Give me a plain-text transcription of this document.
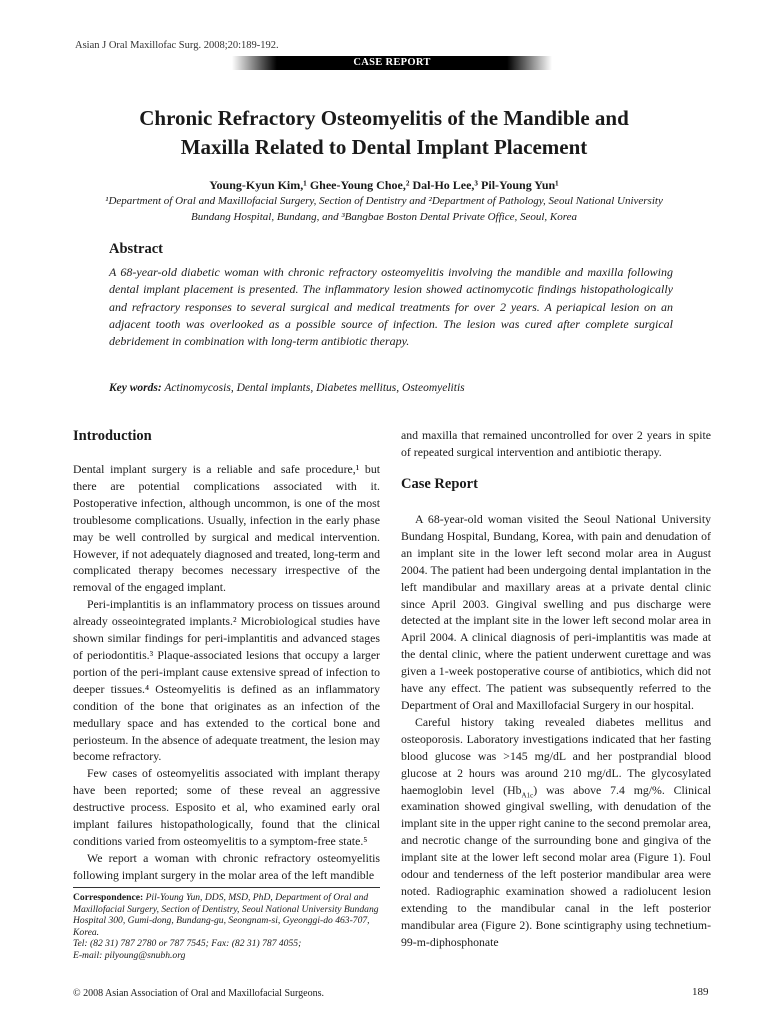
Asian J Oral Maxillofac Surg. 2008;20:189-192.
CASE REPORT
Chronic Refractory Osteomyelitis of the Mandible and
Maxilla Related to Dental Implant Placement
Young-Kyun Kim,¹ Ghee-Young Choe,² Dal-Ho Lee,³ Pil-Young Yun¹
¹Department of Oral and Maxillofacial Surgery, Section of Dentistry and ²Department of Pathology, Seoul National University
Bundang Hospital, Bundang, and ³Bangbae Boston Dental Private Office, Seoul, Korea
Abstract

A 68-year-old diabetic woman with chronic refractory osteomyelitis involving the mandible and maxilla following dental implant placement is presented. The inflammatory lesion showed actinomycotic findings histopathologically and refractory responses to several surgical and medical treatments for over 2 years. A periapical lesion on an adjacent tooth was overlooked as a possible source of infection. The lesion was cured after complete surgical debridement in combination with long-term antibiotic therapy.

Key words: Actinomycosis, Dental implants, Diabetes mellitus, Osteomyelitis

Introduction

Dental implant surgery is a reliable and safe procedure,¹ but there are potential complications associated with it. Postoperative infection, although uncommon, is one of the most troublesome complications. Usually, infection in the early phase may be well controlled by surgical and medical intervention. However, if not adequately diagnosed and treated, long-term and complicated therapy becomes necessary irrespective of the removal of the engaged implant.

Peri-implantitis is an inflammatory process on tissues around already osseointegrated implants.² Microbiological studies have shown similar findings for peri-implantitis and advanced stages of periodontitis.³ Plaque-associated lesions that occupy a larger portion of the peri-implant cause extensive spread of infection to deeper tissues.⁴ Osteomyelitis is defined as an inflammatory condition of the bone that originates as an infection of the medullary space and has extended to the cortical bone and periosteum. In the absence of adequate treatment, the lesion may become refractory.

Few cases of osteomyelitis associated with implant therapy have been reported; some of these reveal an aggressive destructive process. Esposito et al, who examined early oral implant failures histopathologically, found that the clinical conditions varied from osteomyelitis to a symptom-free state.⁵

We report a woman with chronic refractory osteomyelitis following implant surgery in the molar area of the left mandible

and maxilla that remained uncontrolled for over 2 years in spite of repeated surgical intervention and antibiotic therapy.

Case Report

A 68-year-old woman visited the Seoul National University Bundang Hospital, Bundang, Korea, with pain and denudation of an implant site in the lower left second molar area in August 2004. The patient had been undergoing dental implantation in the left mandibular and maxillary areas at a private dental clinic since April 2003. Gingival swelling and pus discharge were detected at the implant site in the lower left second molar area in April 2004. A clinical diagnosis of peri-implantitis was made at the dental clinic, where the patient underwent curettage and was given a 1-week postoperative course of antibiotics, which did not have any effect. The patient was subsequently referred to the Department of Oral and Maxillofacial Surgery in our hospital.

Careful history taking revealed diabetes mellitus and osteoporosis. Laboratory investigations indicated that her fasting blood glucose was >145 mg/dL and her postprandial blood glucose at 2 hours was around 210 mg/dL. The glycosylated haemoglobin level $(Hb_{A1c})$ was above 7.4 mg/%. Clinical examination showed gingival swelling, with denudation of the implant site in the upper right canine to the second premolar area, and necrotic change of the surrounding bone and gingiva of the implant site at the lower left second molar area (Figure 1). Foul odour and tenderness of the left posterior mandibular area were noted. Radiographic examination showed a radiolucent lesion extending to the mandibular canal in the left posterior mandibular area (Figure 2). Bone scintigraphy using technetium-99-m-diphosphonate

Correspondence: Pil-Young Yun, DDS, MSD, PhD, Department of Oral and Maxillofacial Surgery, Section of Dentistry, Seoul National University Bundang Hospital 300, Gumi-dong, Bundang-gu, Seongnam-si, Gyeonggi-do 463-707, Korea.
Tel: (82 31) 787 2780 or 787 7545; Fax: (82 31) 787 4055;
E-mail: pilyoung@snubh.org
© 2008 Asian Association of Oral and Maxillofacial Surgeons.	189
